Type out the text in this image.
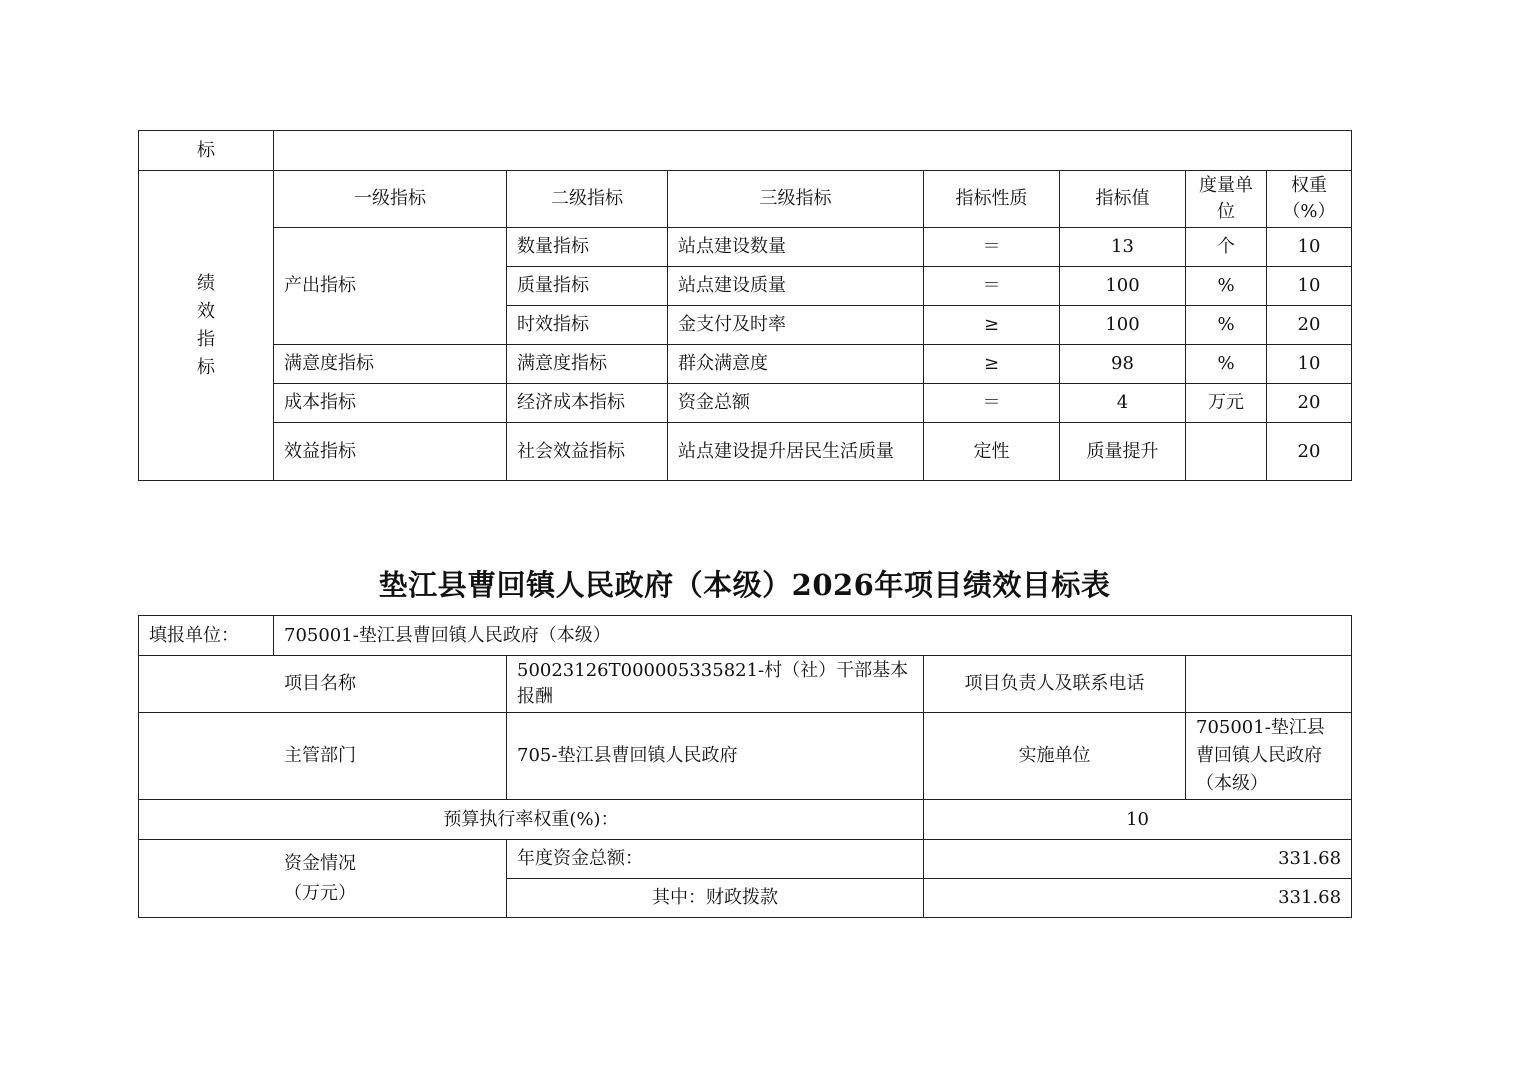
标							

绩
效
指
标	一级指标	二级指标	三级指标	指标性质	指标值	度量单位	权重（%）
	产出指标	数量指标	站点建设数量	＝	13	个	10
		质量指标	站点建设质量	＝	100	%	10
		时效指标	金支付及时率	≥	100	%	20
	满意度指标	满意度指标	群众满意度	≥	98	%	10
	成本指标	经济成本指标	资金总额	＝	4	万元	20
	效益指标	社会效益指标	站点建设提升居民生活质量	定性	质量提升		20
垫江县曹回镇人民政府（本级）2026年项目绩效目标表
填报单位：	705001-垫江县曹回镇人民政府（本级）			
项目名称		50023126T000005335821-村（社）干部基本报酬	项目负责人及联系电话	
主管部门		705-垫江县曹回镇人民政府	实施单位	705001-垫江县曹回镇人民政府（本级）
预算执行率权重(%)：			10	

资金情况
（万元）		年度资金总额：	331.68	
		其中：财政拨款	331.68	
